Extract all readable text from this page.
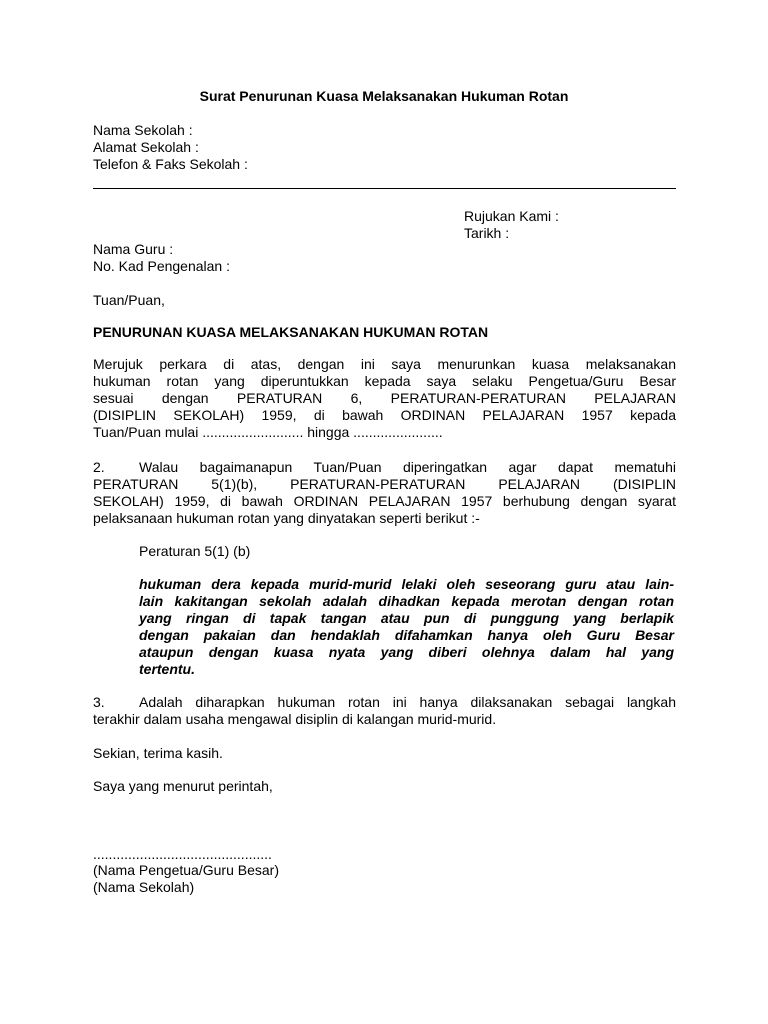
Surat Penurunan Kuasa Melaksanakan Hukuman Rotan
Nama Sekolah :
Alamat Sekolah :
Telefon & Faks Sekolah :
Rujukan Kami :
Tarikh :
Nama Guru :
No. Kad Pengenalan :
Tuan/Puan,
PENURUNAN KUASA MELAKSANAKAN HUKUMAN ROTAN
Merujuk perkara di atas, dengan ini saya menurunkan kuasa melaksanakan
hukuman rotan yang diperuntukkan kepada saya selaku Pengetua/Guru Besar
sesuai dengan PERATURAN 6, PERATURAN-PERATURAN PELAJARAN
(DISIPLIN SEKOLAH) 1959, di bawah ORDINAN PELAJARAN 1957 kepada
Tuan/Puan mulai .......................... hingga .......................
2. Walau bagaimanapun Tuan/Puan diperingatkan agar dapat mematuhi
PERATURAN 5(1)(b), PERATURAN-PERATURAN PELAJARAN (DISIPLIN
SEKOLAH) 1959, di bawah ORDINAN PELAJARAN 1957 berhubung dengan syarat
pelaksanaan hukuman rotan yang dinyatakan seperti berikut :-
Peraturan 5(1) (b)
hukuman dera kepada murid-murid lelaki oleh seseorang guru atau lain-
lain kakitangan sekolah adalah dihadkan kepada merotan dengan rotan
yang ringan di tapak tangan atau pun di punggung yang berlapik
dengan pakaian dan hendaklah difahamkan hanya oleh Guru Besar
ataupun dengan kuasa nyata yang diberi olehnya dalam hal yang
tertentu.
3. Adalah diharapkan hukuman rotan ini hanya dilaksanakan sebagai langkah
terakhir dalam usaha mengawal disiplin di kalangan murid-murid.
Sekian, terima kasih.
Saya yang menurut perintah,
..............................................
(Nama Pengetua/Guru Besar)
(Nama Sekolah)
